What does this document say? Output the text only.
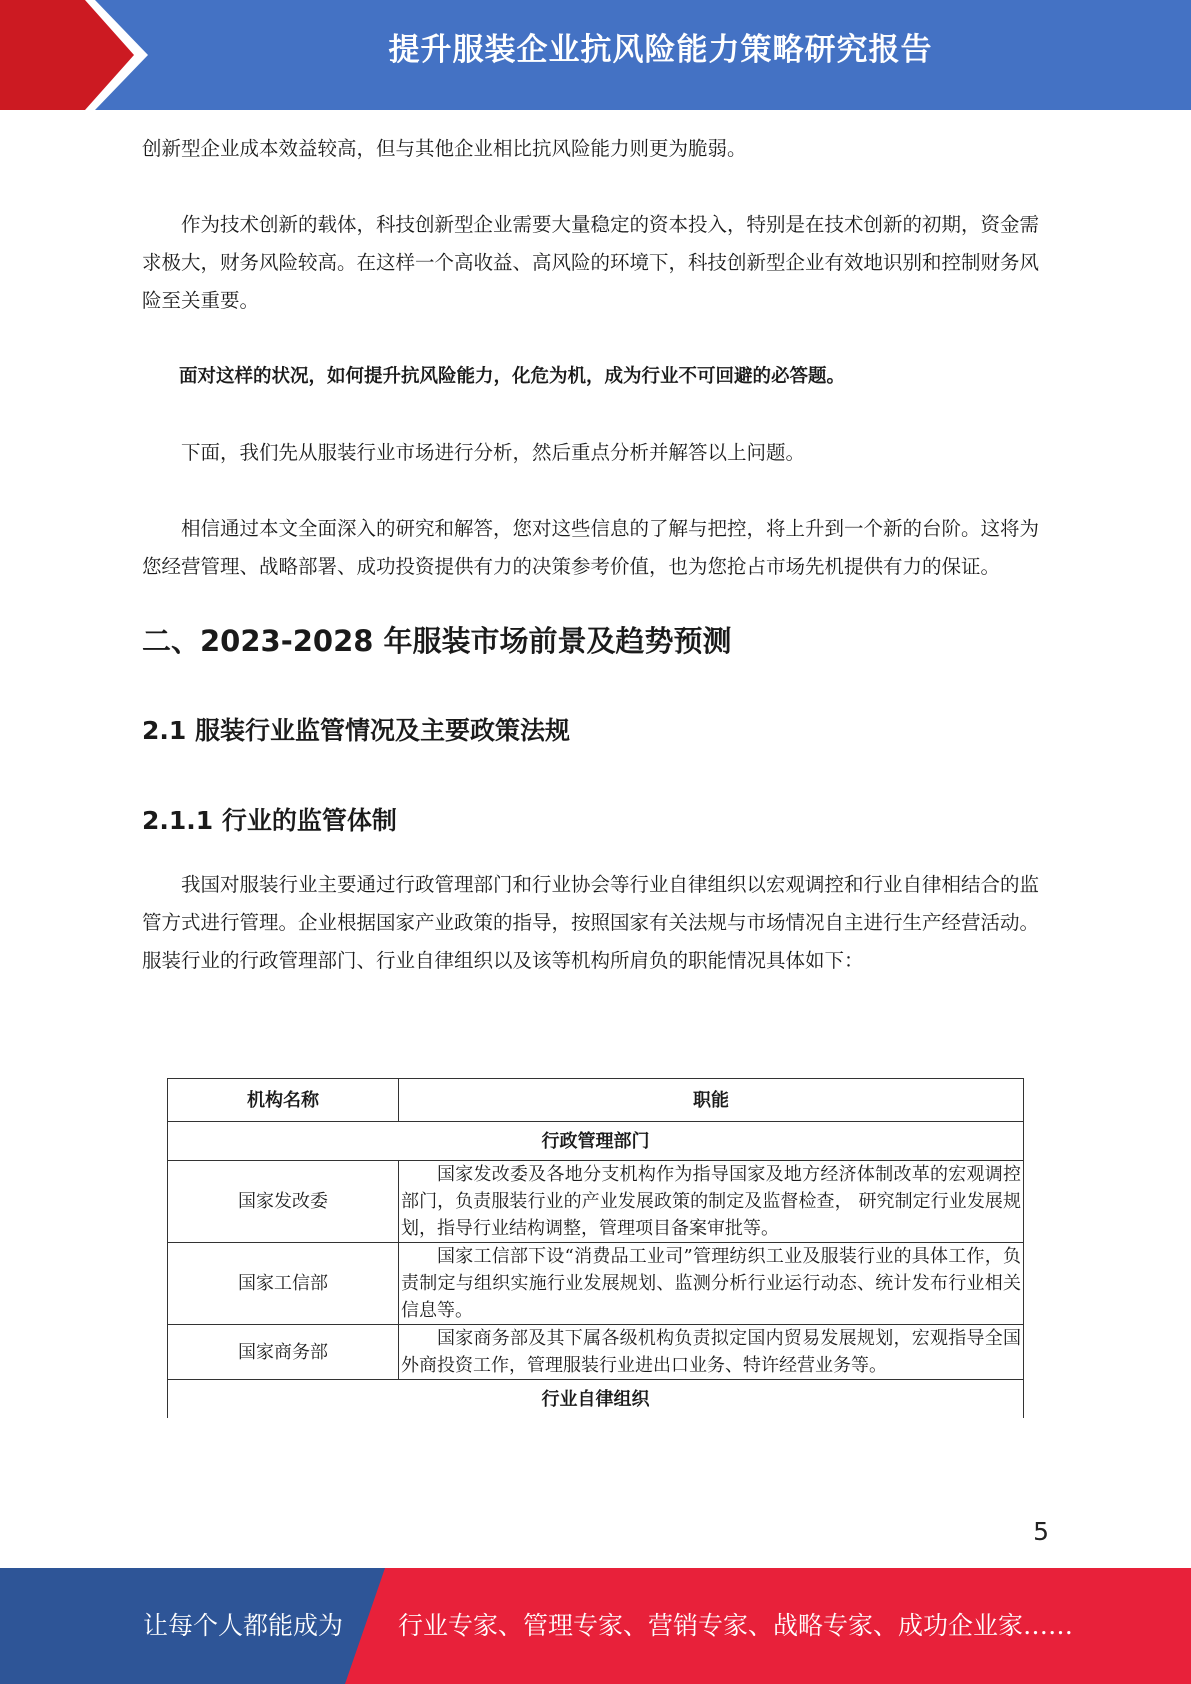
提升服装企业抗风险能力策略研究报告

创新型企业成本效益较高，但与其他企业相比抗风险能力则更为脆弱。

作为技术创新的载体，科技创新型企业需要大量稳定的资本投入，特别是在技术创新的初期，资金需求极大，财务风险较高。在这样一个高收益、高风险的环境下，科技创新型企业有效地识别和控制财务风险至关重要。

面对这样的状况，如何提升抗风险能力，化危为机，成为行业不可回避的必答题。

下面，我们先从服装行业市场进行分析，然后重点分析并解答以上问题。

相信通过本文全面深入的研究和解答，您对这些信息的了解与把控，将上升到一个新的台阶。这将为您经营管理、战略部署、成功投资提供有力的决策参考价值，也为您抢占市场先机提供有力的保证。

二、2023-2028 年服装市场前景及趋势预测
2.1 服装行业监管情况及主要政策法规
2.1.1 行业的监管体制

我国对服装行业主要通过行政管理部门和行业协会等行业自律组织以宏观调控和行业自律相结合的监管方式进行管理。企业根据国家产业政策的指导，按照国家有关法规与市场情况自主进行生产经营活动。服装行业的行政管理部门、行业自律组织以及该等机构所肩负的职能情况具体如下：

机构名称	职能
行政管理部门	
国家发改委	国家发改委及各地分支机构作为指导国家及地方经济体制改革的宏观调控部门，负责服装行业的产业发展政策的制定及监督检查， 研究制定行业发展规划，指导行业结构调整，管理项目备案审批等。
国家工信部	国家工信部下设“消费品工业司”管理纺织工业及服装行业的具体工作，负责制定与组织实施行业发展规划、监测分析行业运行动态、统计发布行业相关信息等。
国家商务部	国家商务部及其下属各级机构负责拟定国内贸易发展规划，宏观指导全国外商投资工作，管理服装行业进出口业务、特许经营业务等。
行业自律组织	
5
让每个人都能成为 行业专家、管理专家、营销专家、战略专家、成功企业家……
